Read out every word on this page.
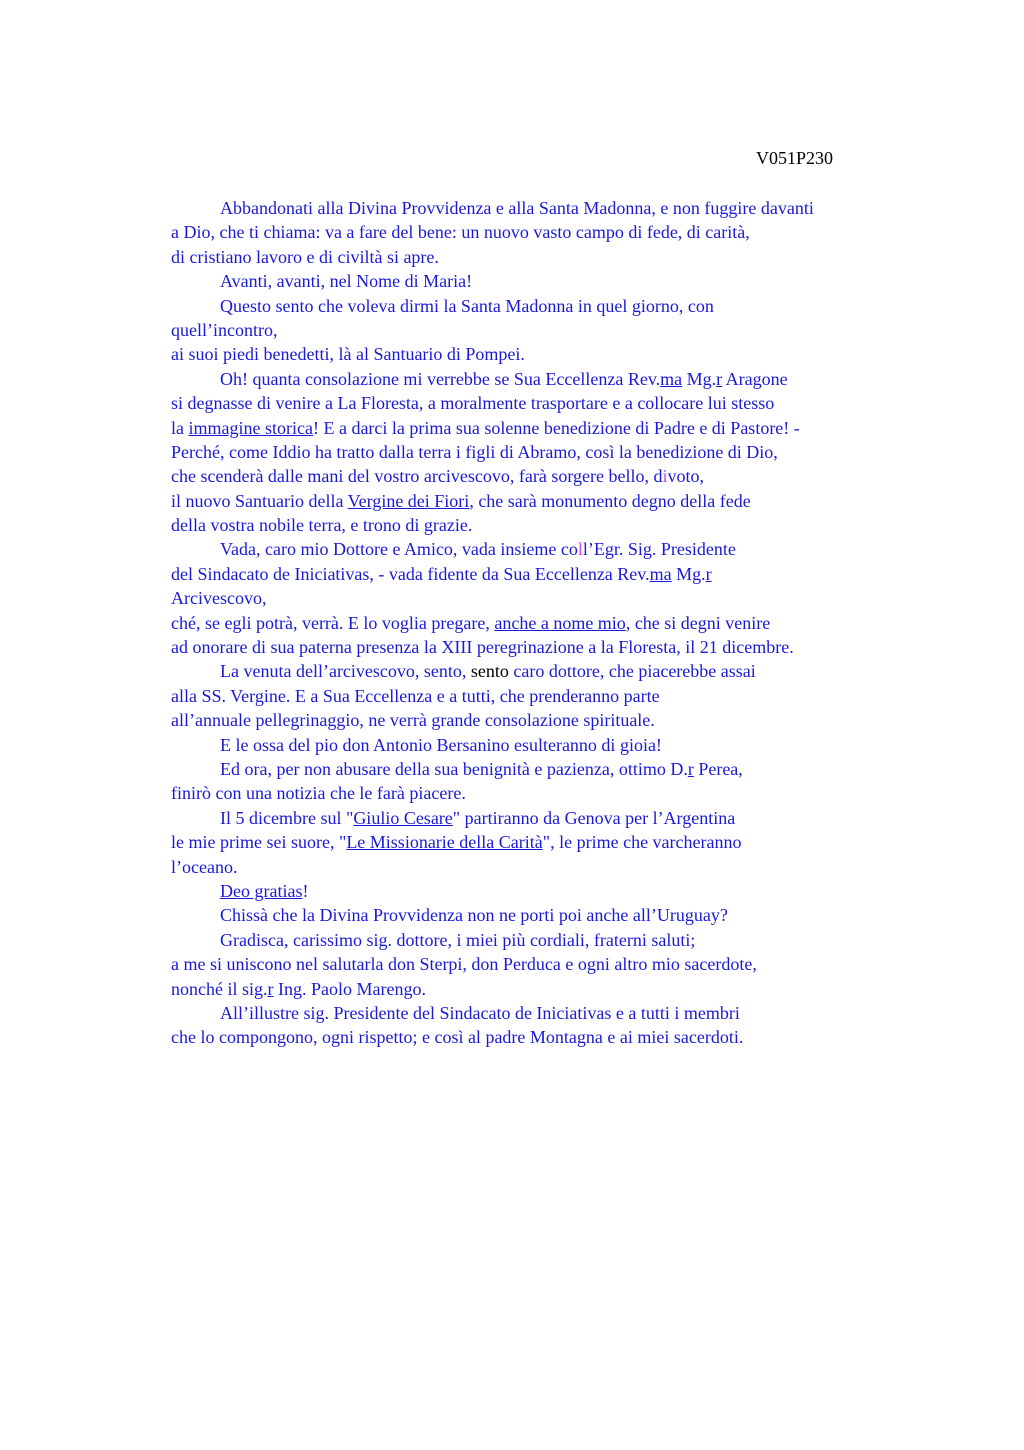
V051P230
Abbandonati alla Divina Provvidenza e alla Santa Madonna, e non fuggire davanti
a Dio, che ti chiama: va a fare del bene: un nuovo vasto campo di fede, di carità,
di cristiano lavoro e di civiltà si apre.
Avanti, avanti, nel Nome di Maria!
Questo sento che voleva dirmi la Santa Madonna in quel giorno, con
quell’incontro,
ai suoi piedi benedetti, là al Santuario di Pompei.
Oh! quanta consolazione mi verrebbe se Sua Eccellenza Rev.ma Mg.r Aragone
si degnasse di venire a La Floresta, a moralmente trasportare e a collocare lui stesso
la immagine storica! E a darci la prima sua solenne benedizione di Padre e di Pastore! -
Perché, come Iddio ha tratto dalla terra i figli di Abramo, così la benedizione di Dio,
che scenderà dalle mani del vostro arcivescovo, farà sorgere bello, divoto,
il nuovo Santuario della Vergine dei Fiori, che sarà monumento degno della fede
della vostra nobile terra, e trono di grazie.
Vada, caro mio Dottore e Amico, vada insieme coll’Egr. Sig. Presidente
del Sindacato de Iniciativas, - vada fidente da Sua Eccellenza Rev.ma Mg.r
Arcivescovo,
ché, se egli potrà, verrà. E lo voglia pregare, anche a nome mio, che si degni venire
ad onorare di sua paterna presenza la XIII peregrinazione a la Floresta, il 21 dicembre.
La venuta dell’arcivescovo, sento, sento caro dottore, che piacerebbe assai
alla SS. Vergine. E a Sua Eccellenza e a tutti, che prenderanno parte
all’annuale pellegrinaggio, ne verrà grande consolazione spirituale.
E le ossa del pio don Antonio Bersanino esulteranno di gioia!
Ed ora, per non abusare della sua benignità e pazienza, ottimo D.r Perea,
finirò con una notizia che le farà piacere.
Il 5 dicembre sul "Giulio Cesare" partiranno da Genova per l’Argentina
le mie prime sei suore, "Le Missionarie della Carità", le prime che varcheranno
l’oceano.
Deo gratias!
Chissà che la Divina Provvidenza non ne porti poi anche all’Uruguay?
Gradisca, carissimo sig. dottore, i miei più cordiali, fraterni saluti;
a me si uniscono nel salutarla don Sterpi, don Perduca e ogni altro mio sacerdote,
nonché il sig.r Ing. Paolo Marengo.
All’illustre sig. Presidente del Sindacato de Iniciativas e a tutti i membri
che lo compongono, ogni rispetto; e così al padre Montagna e ai miei sacerdoti.
